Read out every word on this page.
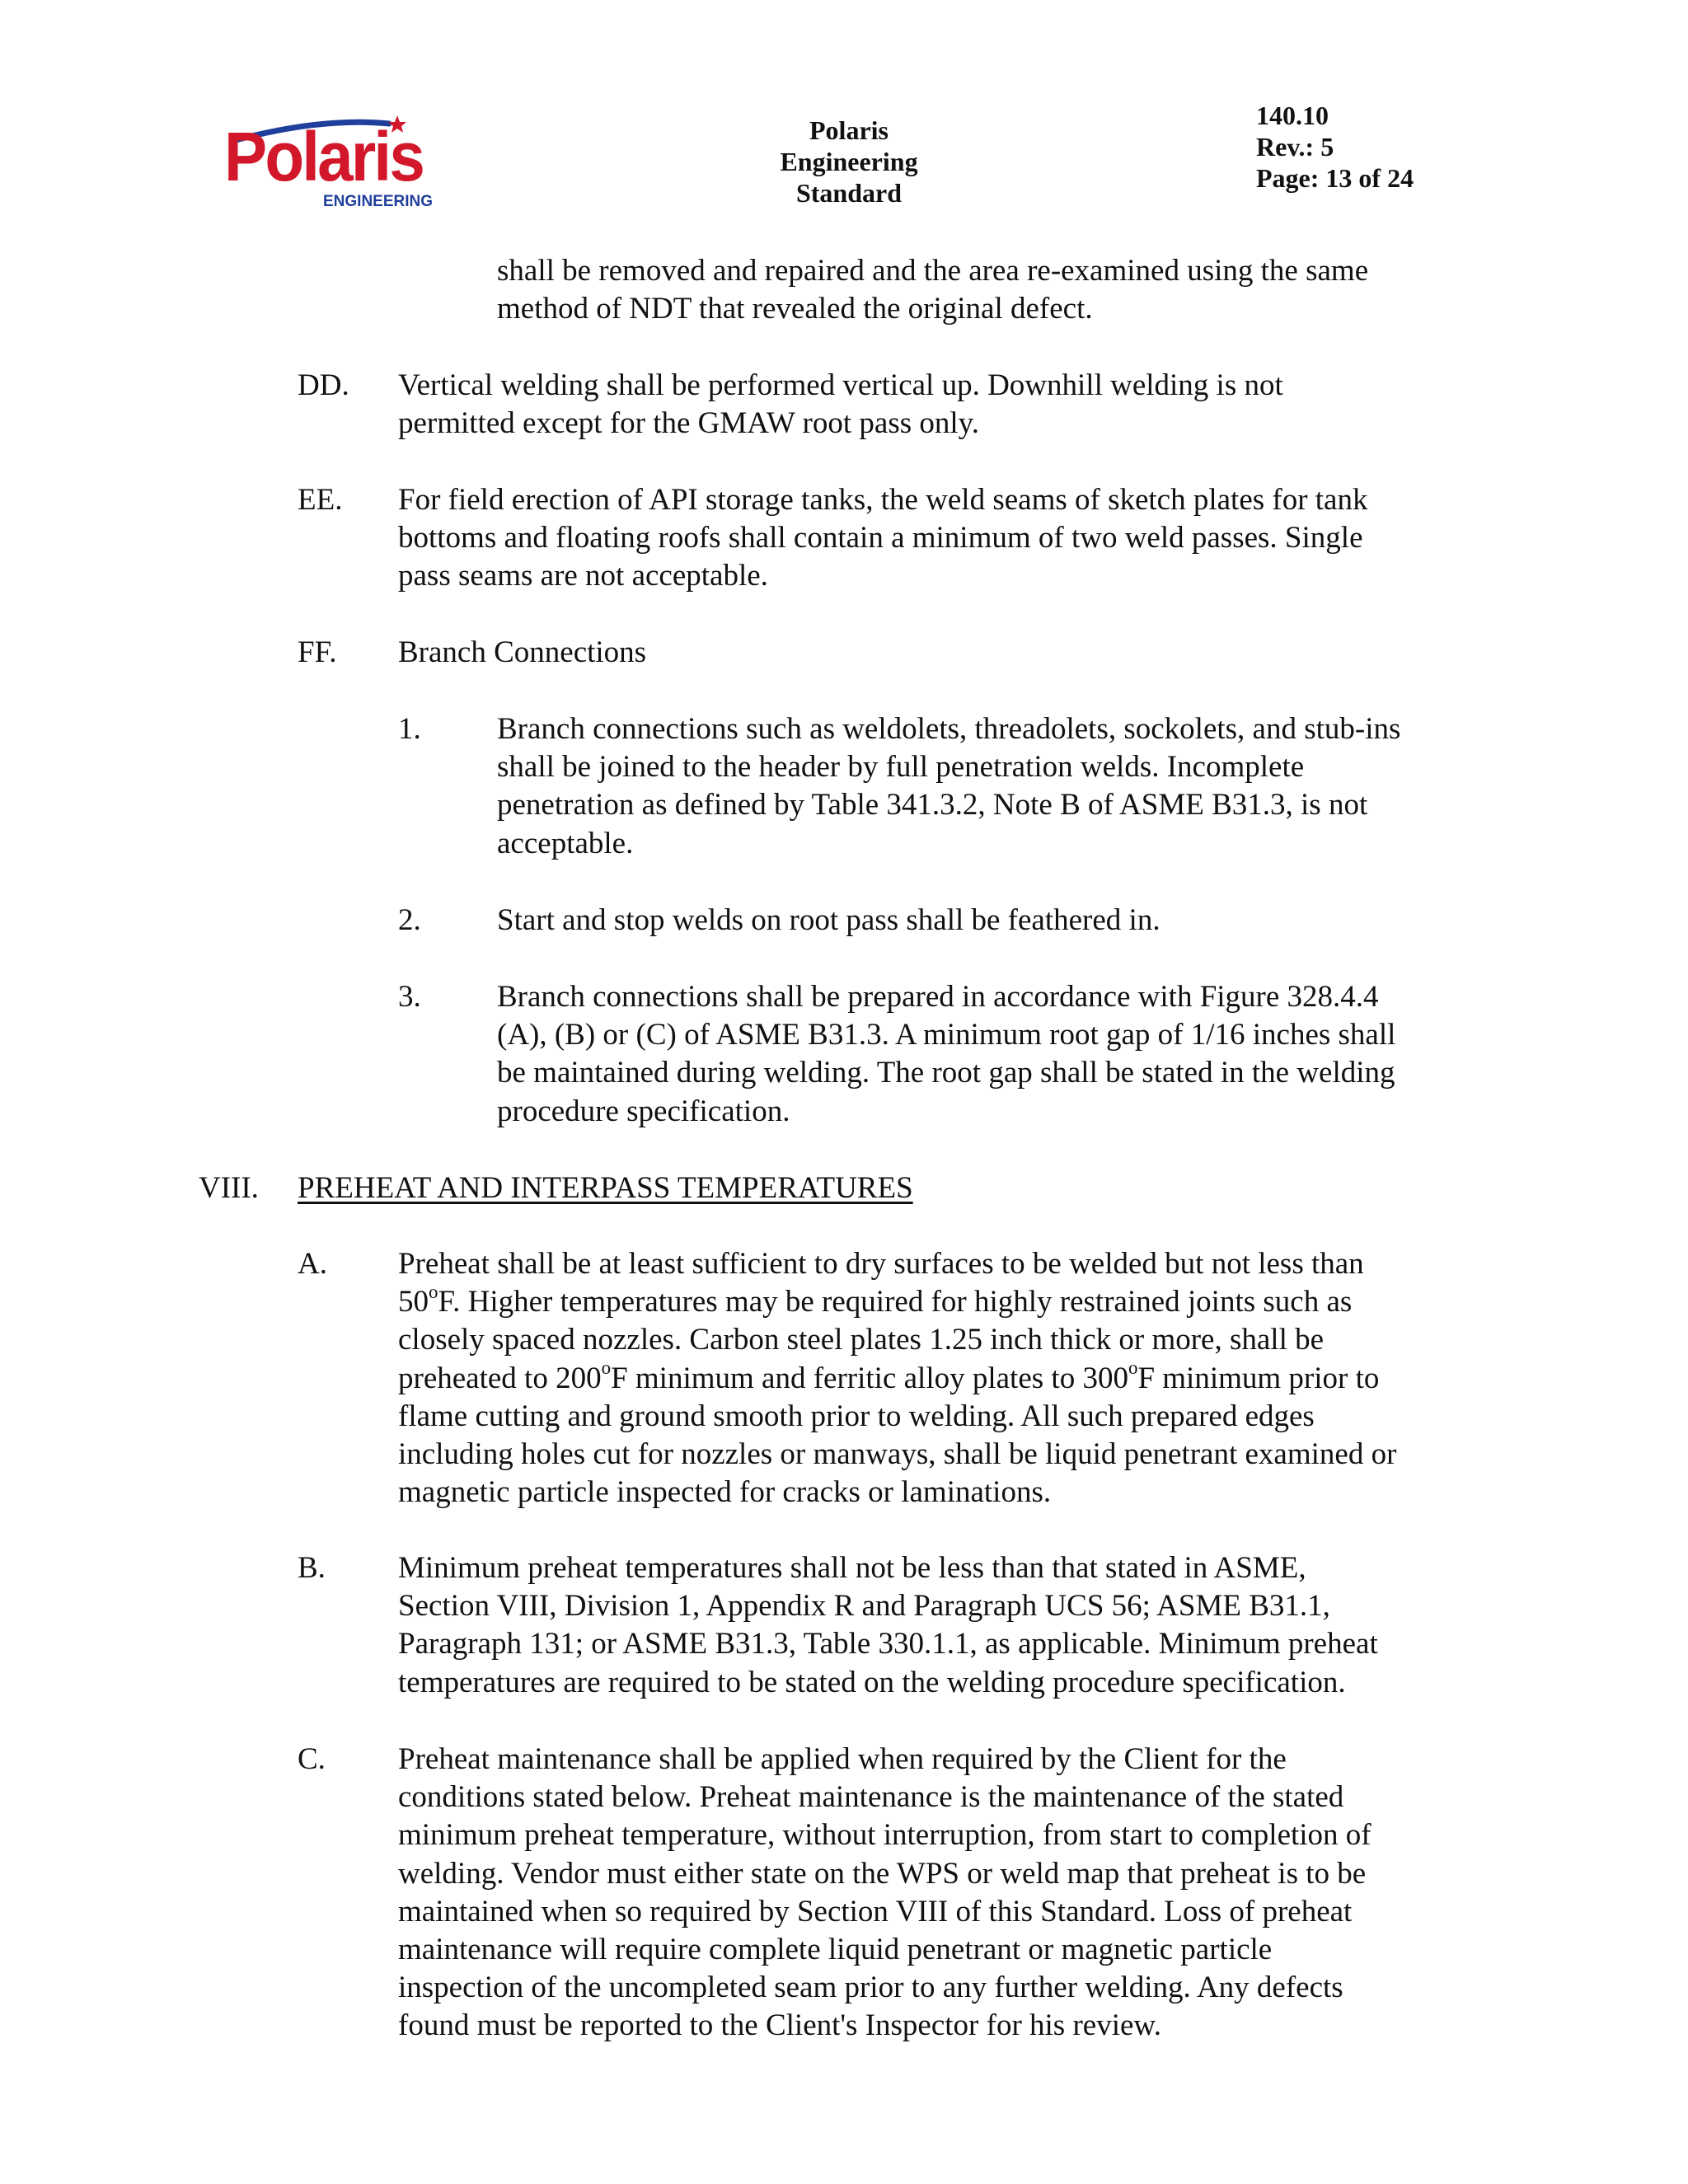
Polaris
ENGINEERING
Polaris
Engineering
Standard
140.10
Rev.: 5
Page: 13 of 24
shall be removed and repaired and the area re-examined using the same
method of NDT that revealed the original defect.
DD. Vertical welding shall be performed vertical up. Downhill welding is not
permitted except for the GMAW root pass only.
EE. For field erection of API storage tanks, the weld seams of sketch plates for tank
bottoms and floating roofs shall contain a minimum of two weld passes. Single
pass seams are not acceptable.
FF. Branch Connections
1. Branch connections such as weldolets, threadolets, sockolets, and stub-ins
shall be joined to the header by full penetration welds. Incomplete
penetration as defined by Table 341.3.2, Note B of ASME B31.3, is not
acceptable.
2. Start and stop welds on root pass shall be feathered in.
3. Branch connections shall be prepared in accordance with Figure 328.4.4
(A), (B) or (C) of ASME B31.3. A minimum root gap of 1/16 inches shall
be maintained during welding. The root gap shall be stated in the welding
procedure specification.
VIII. PREHEAT AND INTERPASS TEMPERATURES
A. Preheat shall be at least sufficient to dry surfaces to be welded but not less than
50$^o$F. Higher temperatures may be required for highly restrained joints such as
closely spaced nozzles. Carbon steel plates 1.25 inch thick or more, shall be
preheated to 200$^o$F minimum and ferritic alloy plates to 300$^o$F minimum prior to
flame cutting and ground smooth prior to welding. All such prepared edges
including holes cut for nozzles or manways, shall be liquid penetrant examined or
magnetic particle inspected for cracks or laminations.
B. Minimum preheat temperatures shall not be less than that stated in ASME,
Section VIII, Division 1, Appendix R and Paragraph UCS 56; ASME B31.1,
Paragraph 131; or ASME B31.3, Table 330.1.1, as applicable. Minimum preheat
temperatures are required to be stated on the welding procedure specification.
C. Preheat maintenance shall be applied when required by the Client for the
conditions stated below. Preheat maintenance is the maintenance of the stated
minimum preheat temperature, without interruption, from start to completion of
welding. Vendor must either state on the WPS or weld map that preheat is to be
maintained when so required by Section VIII of this Standard. Loss of preheat
maintenance will require complete liquid penetrant or magnetic particle
inspection of the uncompleted seam prior to any further welding. Any defects
found must be reported to the Client's Inspector for his review.
